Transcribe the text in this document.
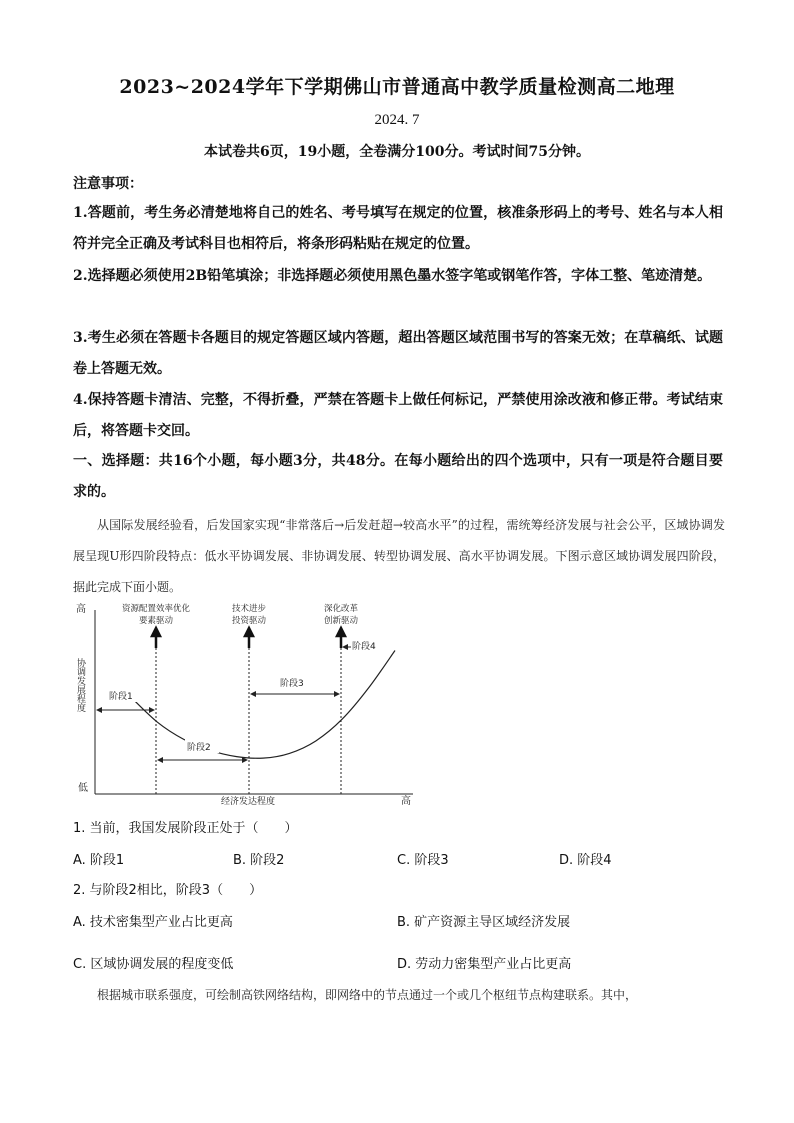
2023~2024学年下学期佛山市普通高中教学质量检测高二地理
2024. 7
本试卷共6页，19小题，全卷满分100分。考试时间75分钟。
注意事项：
1.答题前，考生务必清楚地将自己的姓名、考号填写在规定的位置，核准条形码上的考号、姓名与本人相符并完全正确及考试科目也相符后，将条形码粘贴在规定的位置。
2.选择题必须使用2B铅笔填涂；非选择题必须使用黑色墨水签字笔或钢笔作答，字体工整、笔迹清楚。
3.考生必须在答题卡各题目的规定答题区域内答题，超出答题区域范围书写的答案无效；在草稿纸、试题卷上答题无效。
4.保持答题卡清洁、完整，不得折叠，严禁在答题卡上做任何标记，严禁使用涂改液和修正带。考试结束后，将答题卡交回。
一、选择题：共16个小题，每小题3分，共48分。在每小题给出的四个选项中，只有一项是符合题目要求的。
从国际发展经验看，后发国家实现“非常落后→后发赶超→较高水平”的过程，需统筹经济发展与社会公平，区域协调发展呈现U形四阶段特点：低水平协调发展、非协调发展、转型协调发展、高水平协调发展。下图示意区域协调发展四阶段，据此完成下面小题。
高
低
高
经济发达程度
协调发展程度
资源配置效率优化
要素驱动
技术进步
投资驱动
深化改革
创新驱动
阶段1
阶段2
阶段3
阶段4
1. 当前，我国发展阶段正处于（　　）
A. 阶段1	B. 阶段2	C. 阶段3	D. 阶段4
2. 与阶段2相比，阶段3（　　）
A. 技术密集型产业占比更高	B. 矿产资源主导区域经济发展
C. 区域协调发展的程度变低	D. 劳动力密集型产业占比更高
根据城市联系强度，可绘制高铁网络结构，即网络中的节点通过一个或几个枢纽节点构建联系。其中，
